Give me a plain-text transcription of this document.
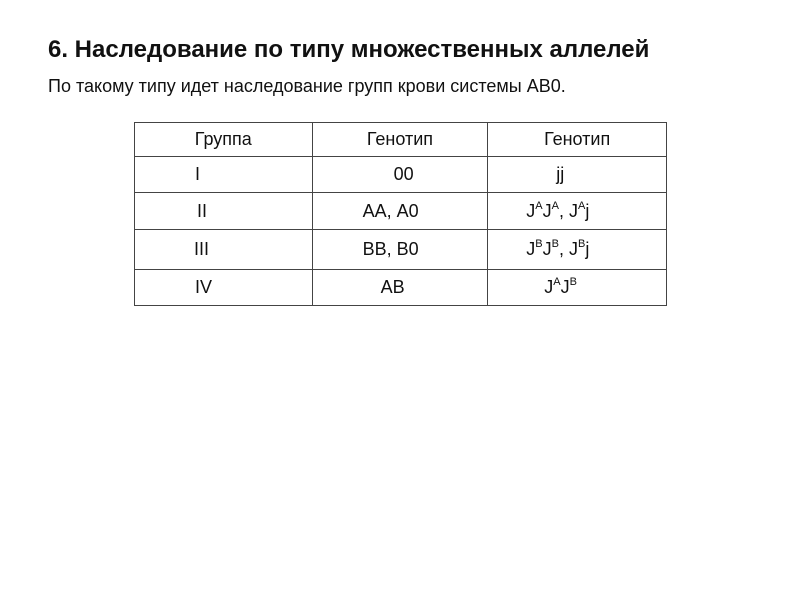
6. Наследование по типу множественных аллелей
По такому типу идет наследование групп крови системы АВ0.
Группа	Генотип	Генотип

I	00	jj

II	АА, А0	$J^AJ^A$, $J^Aj$

III	ВВ, В0	$J^BJ^B$, $J^Bj$

IV	АВ	$J^AJ^B$
